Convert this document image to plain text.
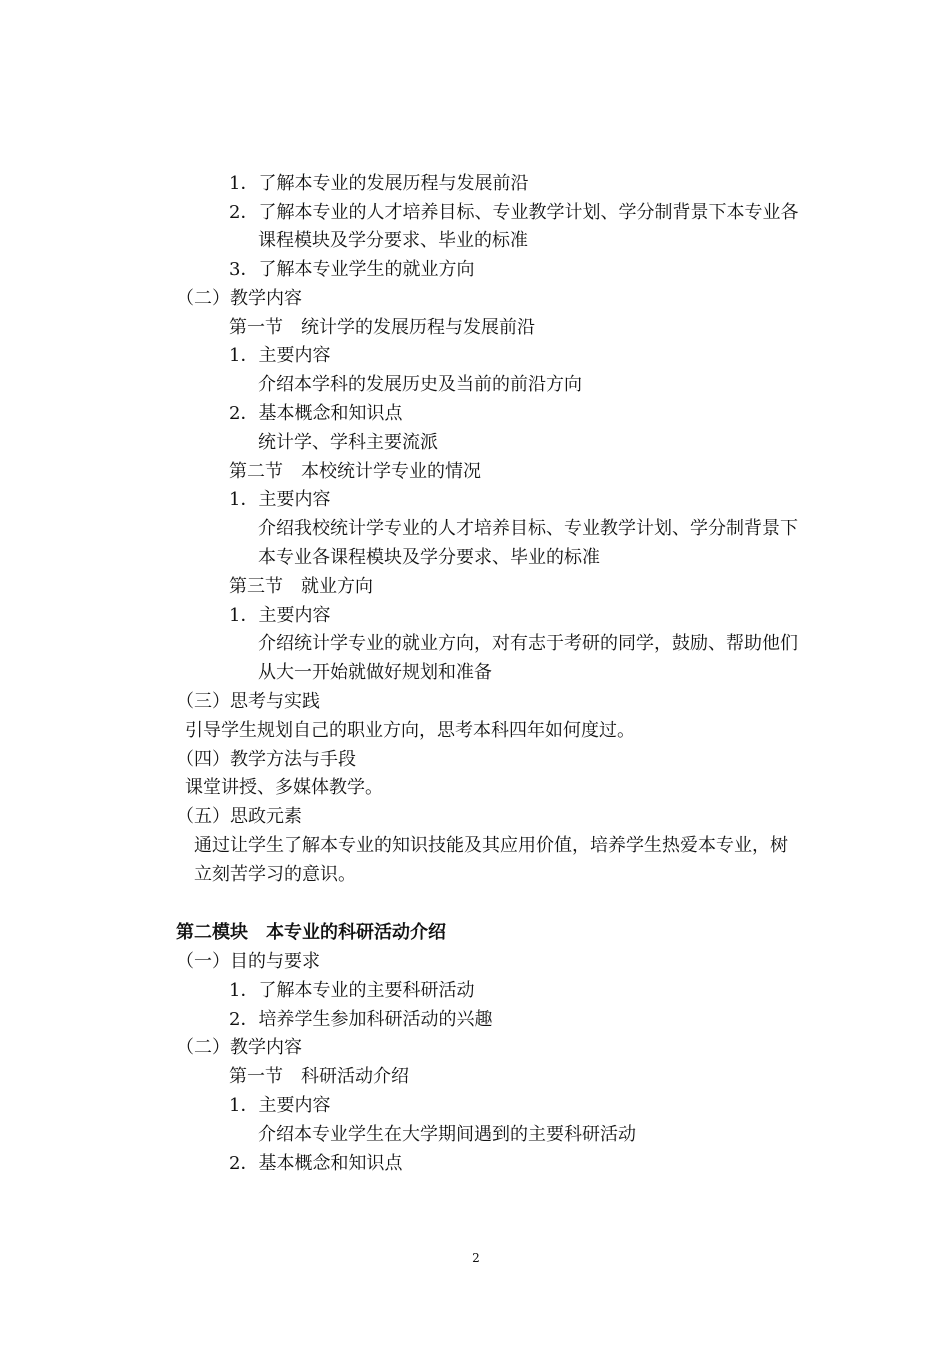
1．了解本专业的发展历程与发展前沿
2．了解本专业的人才培养目标、专业教学计划、学分制背景下本专业各
课程模块及学分要求、毕业的标准
3．了解本专业学生的就业方向
（二）教学内容
第一节　统计学的发展历程与发展前沿
1．主要内容
介绍本学科的发展历史及当前的前沿方向
2．基本概念和知识点
统计学、学科主要流派
第二节　本校统计学专业的情况
1．主要内容
介绍我校统计学专业的人才培养目标、专业教学计划、学分制背景下
本专业各课程模块及学分要求、毕业的标准
第三节　就业方向
1．主要内容
介绍统计学专业的就业方向，对有志于考研的同学，鼓励、帮助他们
从大一开始就做好规划和准备
（三）思考与实践
引导学生规划自己的职业方向，思考本科四年如何度过。
（四）教学方法与手段
课堂讲授、多媒体教学。
（五）思政元素
通过让学生了解本专业的知识技能及其应用价值，培养学生热爱本专业，树
立刻苦学习的意识。
第二模块　本专业的科研活动介绍
（一）目的与要求
1．了解本专业的主要科研活动
2．培养学生参加科研活动的兴趣
（二）教学内容
第一节　科研活动介绍
1．主要内容
介绍本专业学生在大学期间遇到的主要科研活动
2．基本概念和知识点
2
